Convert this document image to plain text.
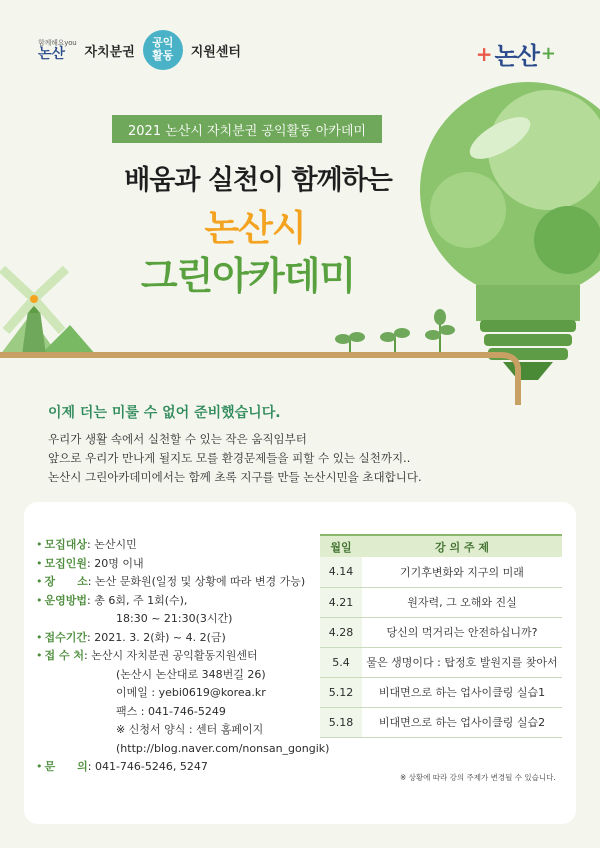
함께해요you
논산 자치분권
공익
활동 지원센터	+ 논산 +
2021 논산시 자치분권 공익활동 아카데미
배움과 실천이 함께하는
논산시
그린아카데미
이제 더는 미룰 수 없어 준비했습니다.

우리가 생활 속에서 실천할 수 있는 작은 움직임부터

앞으로 우리가 만나게 될지도 모를 환경문제들을 피할 수 있는 실천까지..

논산시 그린아카데미에서는 함께 초록 지구를 만들 논산시민을 초대합니다.

• 모집대상 : 논산시민
• 모집인원 : 20명 이내
• 장　　소 : 논산 문화원(일정 및 상황에 따라 변경 가능)
• 운영방법 : 총 6회, 주 1회(수),
18:30 ~ 21:30(3시간)
• 접수기간 : 2021. 3. 2(화) ~ 4. 2(금)
• 접 수 처 : 논산시 자치분권 공익활동지원센터
(논산시 논산대로 348번길 26)
이메일 : yebi0619@korea.kr
팩스 : 041-746-5249
※ 신청서 양식 : 센터 홈페이지
(http://blog.naver.com/nonsan_gongik)
• 문　　의 : 041-746-5246, 5247
월일	강 의 주 제
4.14	기기후변화와 지구의 미래
4.21	원자력, 그 오해와 진실
4.28	당신의 먹거리는 안전하십니까?
5.4	물은 생명이다 : 탑정호 발원지를 찾아서
5.12	비대면으로 하는 업사이클링 실습1
5.18	비대면으로 하는 업사이클링 실습2
※ 상황에 따라 강의 주제가 변경될 수 있습니다.
